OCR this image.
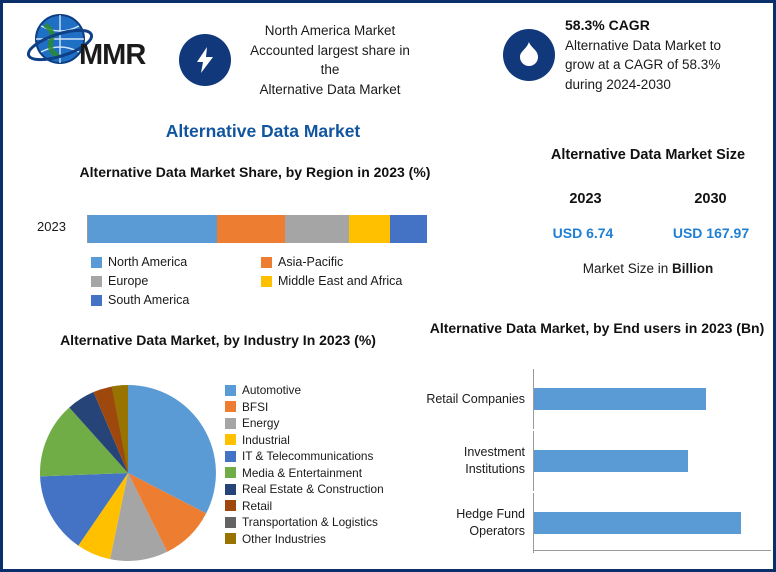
MMR
North America Market
Accounted largest share in the
Alternative Data Market
58.3% CAGR
Alternative Data Market to
grow at a CAGR of 58.3%
during 2024-2030
Alternative Data Market
Alternative Data Market Share, by Region in 2023 (%)
2023
North America	Asia-Pacific
Europe	Middle East and Africa
South America
Alternative Data Market Size
2023	2030
USD 6.74	USD 167.97
Market Size in Billion
Alternative Data Market, by Industry In 2023 (%)
Automotive
BFSI
Energy
Industrial
IT & Telecommunications
Media & Entertainment
Real Estate & Construction
Retail
Transportation & Logistics
Other Industries
Alternative Data Market, by End users in 2023 (Bn)
Retail Companies
Investment Institutions
Hedge Fund Operators
